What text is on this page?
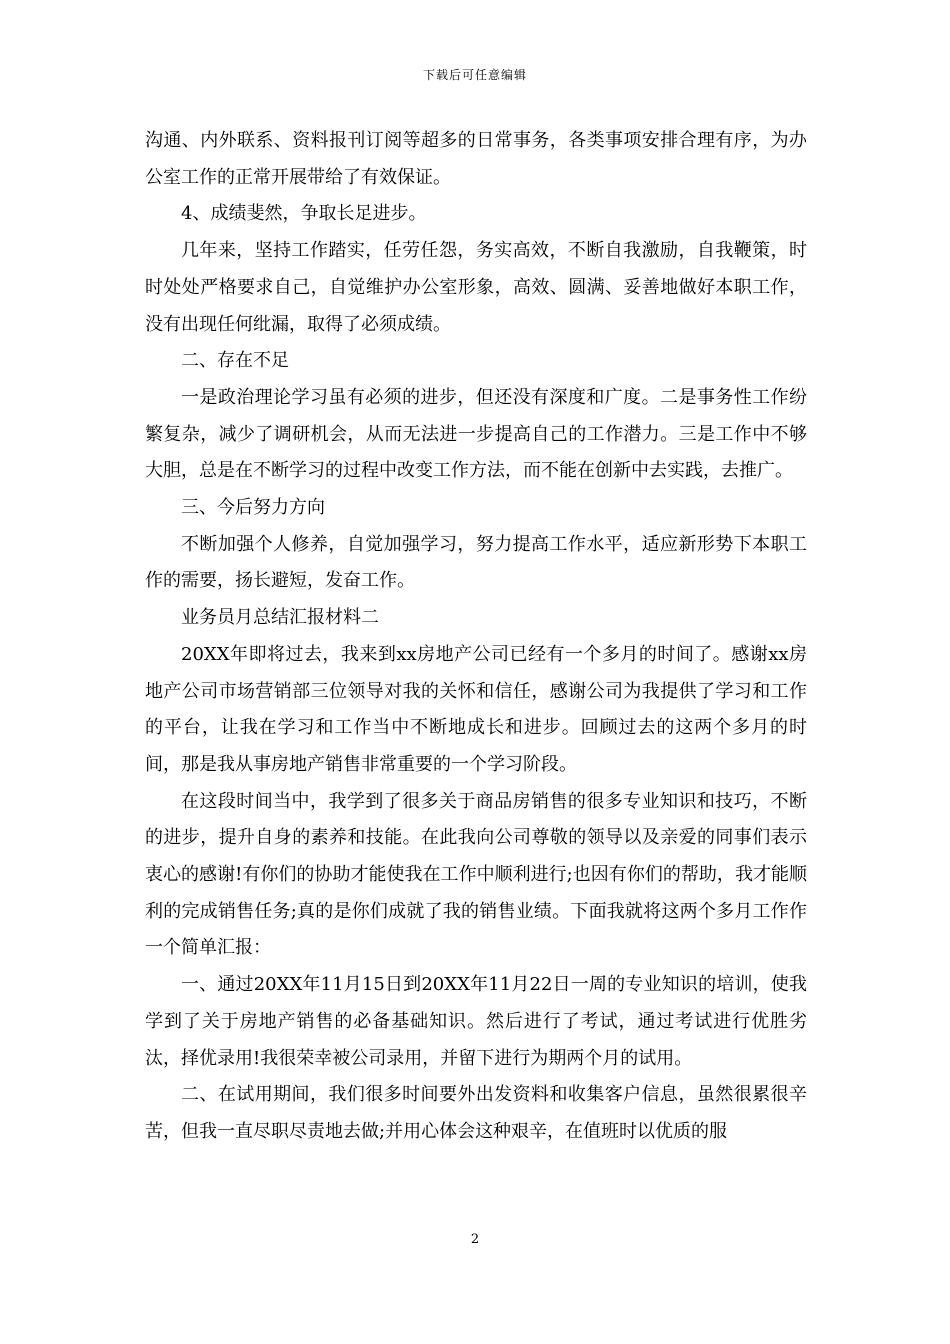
下载后可任意编辑

沟通、内外联系、资料报刊订阅等超多的日常事务，各类事项安排合理有序，为办公室工作的正常开展带给了有效保证。

4、成绩斐然，争取长足进步。

几年来，坚持工作踏实，任劳任怨，务实高效，不断自我激励，自我鞭策，时时处处严格要求自己，自觉维护办公室形象，高效、圆满、妥善地做好本职工作，没有出现任何纰漏，取得了必须成绩。

二、存在不足

一是政治理论学习虽有必须的进步，但还没有深度和广度。二是事务性工作纷繁复杂，减少了调研机会，从而无法进一步提高自己的工作潜力。三是工作中不够大胆，总是在不断学习的过程中改变工作方法，而不能在创新中去实践，去推广。

三、今后努力方向

不断加强个人修养，自觉加强学习，努力提高工作水平，适应新形势下本职工作的需要，扬长避短，发奋工作。

业务员月总结汇报材料二

20XX年即将过去，我来到xx房地产公司已经有一个多月的时间了。感谢xx房地产公司市场营销部三位领导对我的关怀和信任，感谢公司为我提供了学习和工作的平台，让我在学习和工作当中不断地成长和进步。回顾过去的这两个多月的时间，那是我从事房地产销售非常重要的一个学习阶段。

在这段时间当中，我学到了很多关于商品房销售的很多专业知识和技巧，不断的进步，提升自身的素养和技能。在此我向公司尊敬的领导以及亲爱的同事们表示衷心的感谢!有你们的协助才能使我在工作中顺利进行;也因有你们的帮助，我才能顺利的完成销售任务;真的是你们成就了我的销售业绩。下面我就将这两个多月工作作一个简单汇报：

一、通过20XX年11月15日到20XX年11月22日一周的专业知识的培训，使我学到了关于房地产销售的必备基础知识。然后进行了考试，通过考试进行优胜劣汰，择优录用!我很荣幸被公司录用，并留下进行为期两个月的试用。

二、在试用期间，我们很多时间要外出发资料和收集客户信息，虽然很累很辛苦，但我一直尽职尽责地去做;并用心体会这种艰辛，在值班时以优质的服

2
